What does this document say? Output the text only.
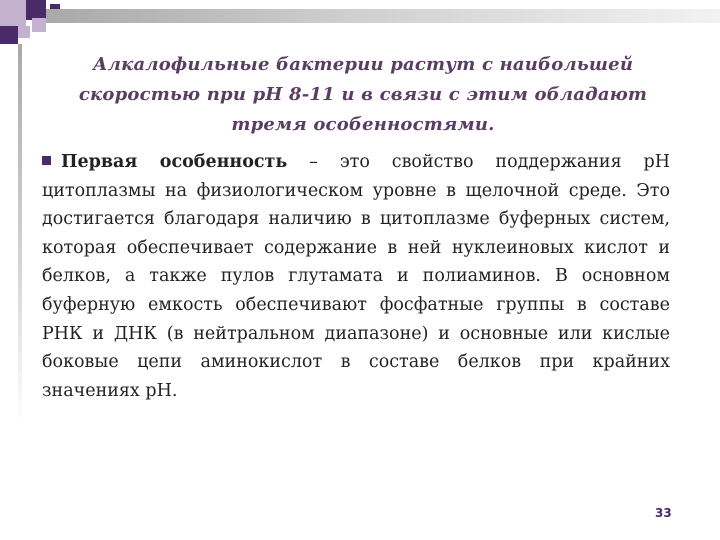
Алкалофильные бактерии растут с наибольшей скоростью при рН 8-11 и в связи с этим обладают тремя особенностями.
Первая особенность – это свойство поддержания рН цитоплазмы на физиологическом уровне в щелочной среде. Это достигается благодаря наличию в цитоплазме буферных систем, которая обеспечивает содержание в ней нуклеиновых кислот и белков, а также пулов глутамата и полиаминов. В основном буферную емкость обеспечивают фосфатные группы в составе РНК и ДНК (в нейтральном диапазоне) и основные или кислые боковые цепи аминокислот в составе белков при крайних значениях рН.
33
